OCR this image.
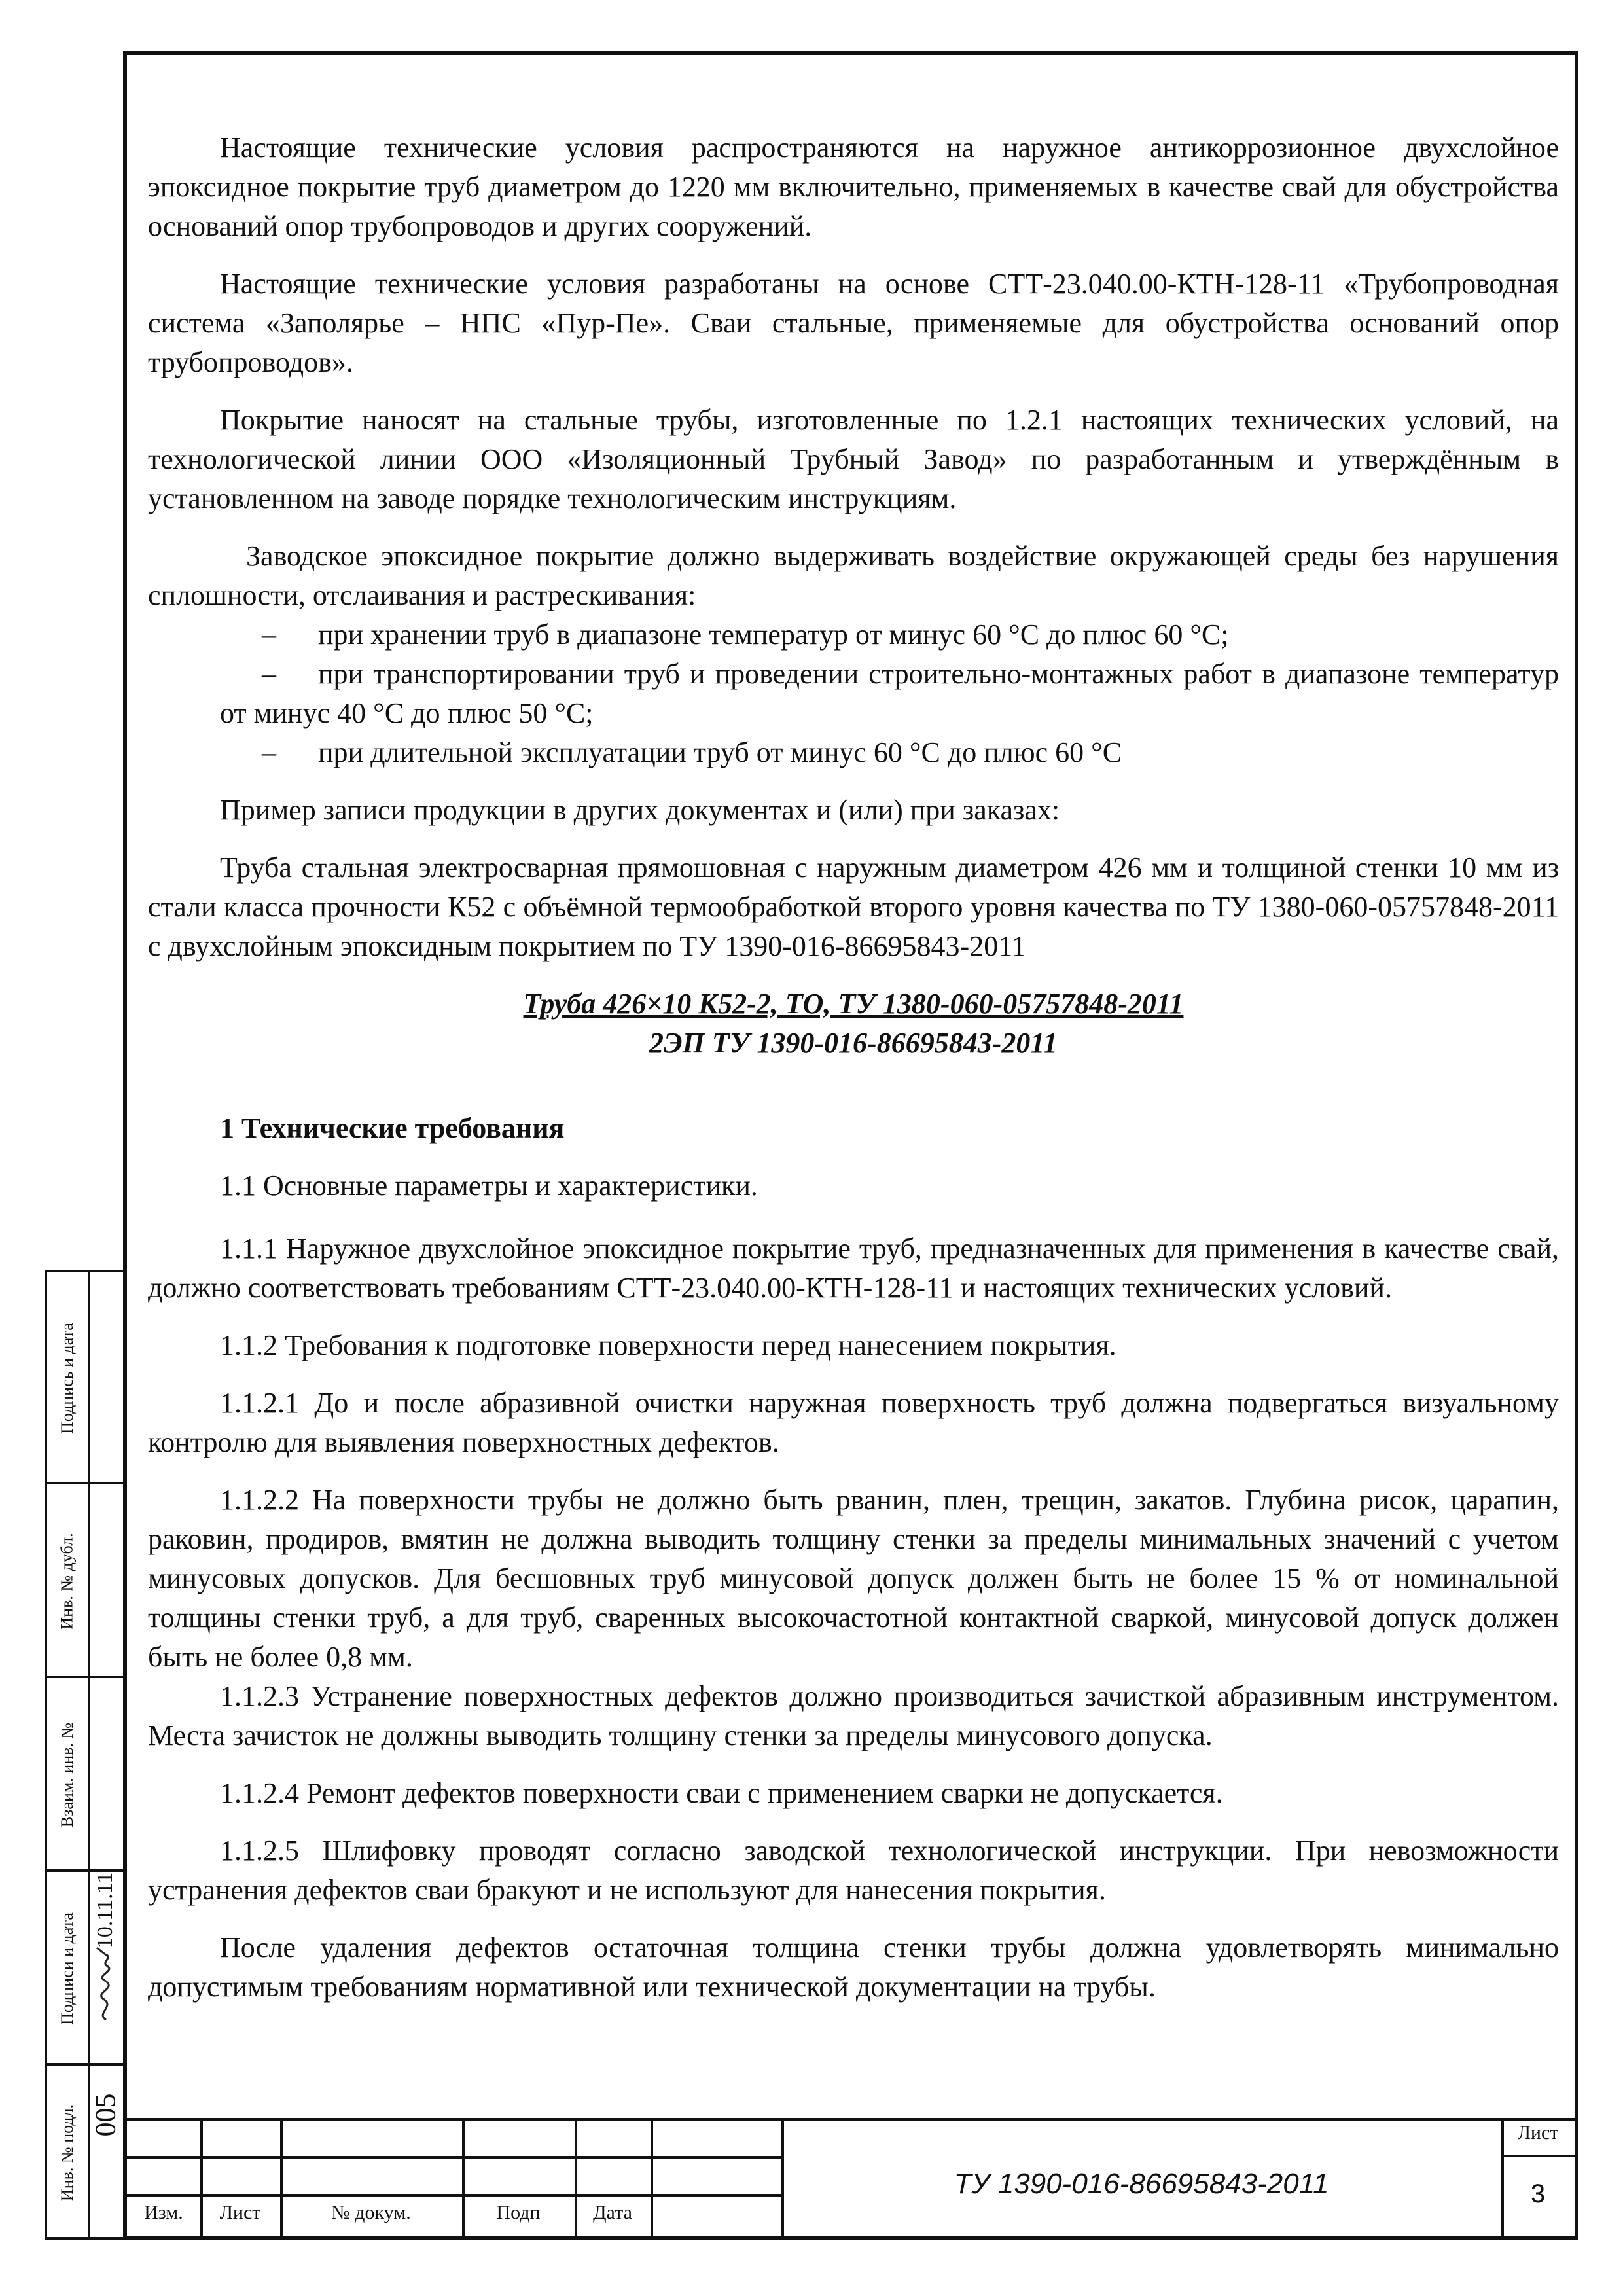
Настоящие технические условия распространяются на наружное антикоррозионное двухслойное эпоксидное покрытие труб диаметром до 1220 мм включительно, применяемых в качестве свай для обустройства оснований опор трубопроводов и других сооружений.

Настоящие технические условия разработаны на основе СТТ-23.040.00-КТН-128-11 «Трубопроводная система «Заполярье – НПС «Пур-Пе». Сваи стальные, применяемые для обустройства оснований опор трубопроводов».

Покрытие наносят на стальные трубы, изготовленные по 1.2.1 настоящих технических условий, на технологической линии ООО «Изоляционный Трубный Завод» по разработанным и утверждённым в установленном на заводе порядке технологическим инструкциям.

Заводское эпоксидное покрытие должно выдерживать воздействие окружающей среды без нарушения сплошности, отслаивания и растрескивания:

– при хранении труб в диапазоне температур от минус 60 °С до плюс 60 °С;
– при транспортировании труб и проведении строительно-монтажных работ в диапазоне температур от минус 40 °С до плюс 50 °С;
– при длительной эксплуатации труб от минус 60 °С до плюс 60 °С

Пример записи продукции в других документах и (или) при заказах:

Труба стальная электросварная прямошовная с наружным диаметром 426 мм и толщиной стенки 10 мм из стали класса прочности К52 с объёмной термообработкой второго уровня качества по ТУ 1380-060-05757848-2011 с двухслойным эпоксидным покрытием по ТУ 1390-016-86695843-2011

Труба 426×10 К52-2, ТО, ТУ 1380-060-05757848-2011
2ЭП ТУ 1390-016-86695843-2011

1 Технические требования

1.1 Основные параметры и характеристики.

1.1.1 Наружное двухслойное эпоксидное покрытие труб, предназначенных для применения в качестве свай, должно соответствовать требованиям СТТ-23.040.00-КТН-128-11 и настоящих технических условий.

1.1.2 Требования к подготовке поверхности перед нанесением покрытия.

1.1.2.1 До и после абразивной очистки наружная поверхность труб должна подвергаться визуальному контролю для выявления поверхностных дефектов.

1.1.2.2 На поверхности трубы не должно быть рванин, плен, трещин, закатов. Глубина рисок, царапин, раковин, продиров, вмятин не должна выводить толщину стенки за пределы минимальных значений с учетом минусовых допусков. Для бесшовных труб минусовой допуск должен быть не более 15 % от номинальной толщины стенки труб, а для труб, сваренных высокочастотной контактной сваркой, минусовой допуск должен быть не более 0,8 мм.

1.1.2.3 Устранение поверхностных дефектов должно производиться зачисткой абразивным инструментом. Места зачисток не должны выводить толщину стенки за пределы минусового допуска.

1.1.2.4 Ремонт дефектов поверхности сваи с применением сварки не допускается.

1.1.2.5 Шлифовку проводят согласно заводской технологической инструкции. При невозможности устранения дефектов сваи бракуют и не используют для нанесения покрытия.

После удаления дефектов остаточная толщина стенки трубы должна удовлетворять минимально допустимым требованиям нормативной или технической документации на трубы.

Подпись и дата
Инв. № дубл.
Взаим. инв. №
Подписи и дата
10.11.11
Инв. № подл. 005
Изм.	Лист	№ докум.	Подп	Дата
ТУ 1390-016-86695843-2011
Лист
3
